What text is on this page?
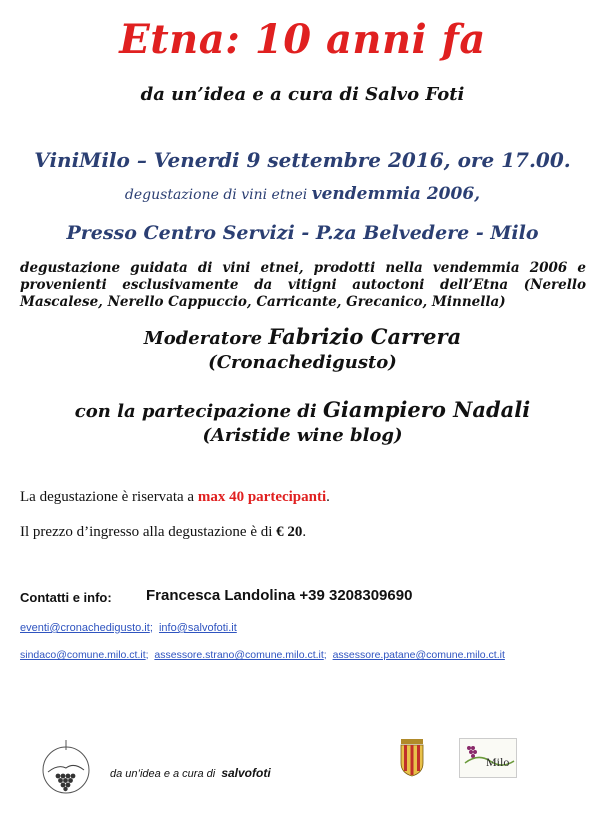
Etna: 10 anni fa
da un’idea e a cura di Salvo Foti
ViniMilo – Venerdi 9 settembre 2016, ore 17.00.
degustazione di vini etnei vendemmia 2006,
Presso Centro Servizi - P.za Belvedere - Milo
degustazione guidata di vini etnei, prodotti nella vendemmia 2006 e provenienti esclusivamente da vitigni autoctoni dell’Etna (Nerello Mascalese, Nerello Cappuccio, Carricante, Grecanico, Minnella)
Moderatore Fabrizio Carrera
(Cronachedigusto)
con la partecipazione di Giampiero Nadali
(Aristide wine blog)
La degustazione è riservata a max 40 partecipanti.
Il prezzo d’ingresso alla degustazione è di € 20.
Contatti e info: Francesca Landolina +39 3208309690
eventi@cronachedigusto.it;  info@salvofoti.it
sindaco@comune.milo.ct.it;  assessore.strano@comune.milo.ct.it;  assessore.patane@comune.milo.ct.it
da un’idea e a cura di salvofoti
Milo
